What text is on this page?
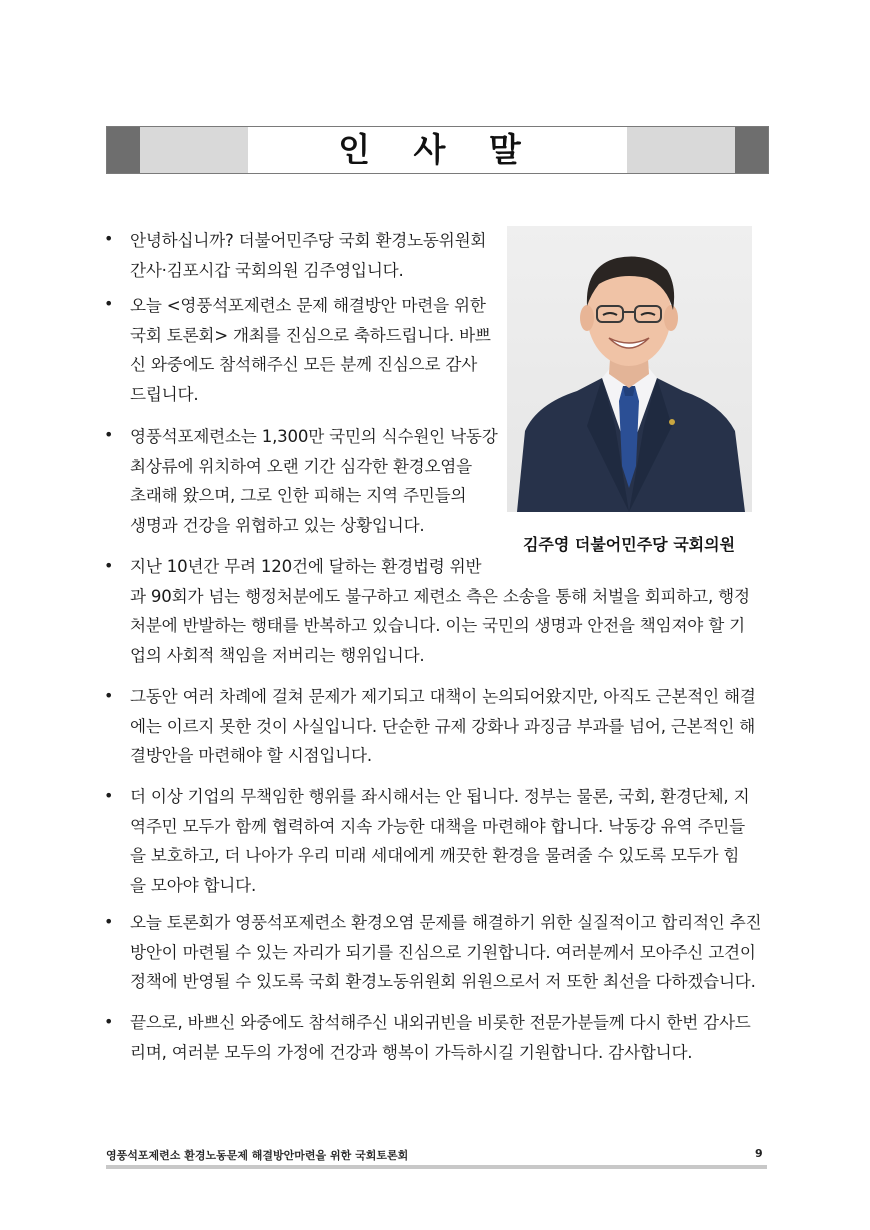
인 사 말
김주영 더불어민주당 국회의원
• 안녕하십니까? 더불어민주당 국회 환경노동위원회
간사·김포시갑 국회의원 김주영입니다.
• 오늘 <영풍석포제련소 문제 해결방안 마련을 위한
국회 토론회> 개최를 진심으로 축하드립니다. 바쁘
신 와중에도 참석해주신 모든 분께 진심으로 감사
드립니다.
• 영풍석포제련소는 1,300만 국민의 식수원인 낙동강
최상류에 위치하여 오랜 기간 심각한 환경오염을
초래해 왔으며, 그로 인한 피해는 지역 주민들의
생명과 건강을 위협하고 있는 상황입니다.
• 지난 10년간 무려 120건에 달하는 환경법령 위반
과 90회가 넘는 행정처분에도 불구하고 제련소 측은 소송을 통해 처벌을 회피하고, 행정
처분에 반발하는 행태를 반복하고 있습니다. 이는 국민의 생명과 안전을 책임져야 할 기
업의 사회적 책임을 저버리는 행위입니다.
• 그동안 여러 차례에 걸쳐 문제가 제기되고 대책이 논의되어왔지만, 아직도 근본적인 해결
에는 이르지 못한 것이 사실입니다. 단순한 규제 강화나 과징금 부과를 넘어, 근본적인 해
결방안을 마련해야 할 시점입니다.
• 더 이상 기업의 무책임한 행위를 좌시해서는 안 됩니다. 정부는 물론, 국회, 환경단체, 지
역주민 모두가 함께 협력하여 지속 가능한 대책을 마련해야 합니다. 낙동강 유역 주민들
을 보호하고, 더 나아가 우리 미래 세대에게 깨끗한 환경을 물려줄 수 있도록 모두가 힘
을 모아야 합니다.
• 오늘 토론회가 영풍석포제련소 환경오염 문제를 해결하기 위한 실질적이고 합리적인 추진
방안이 마련될 수 있는 자리가 되기를 진심으로 기원합니다. 여러분께서 모아주신 고견이
정책에 반영될 수 있도록 국회 환경노동위원회 위원으로서 저 또한 최선을 다하겠습니다.
• 끝으로, 바쁘신 와중에도 참석해주신 내외귀빈을 비롯한 전문가분들께 다시 한번 감사드
리며, 여러분 모두의 가정에 건강과 행복이 가득하시길 기원합니다. 감사합니다.
영풍석포제련소 환경노동문제 해결방안마련을 위한 국회토론회	9
